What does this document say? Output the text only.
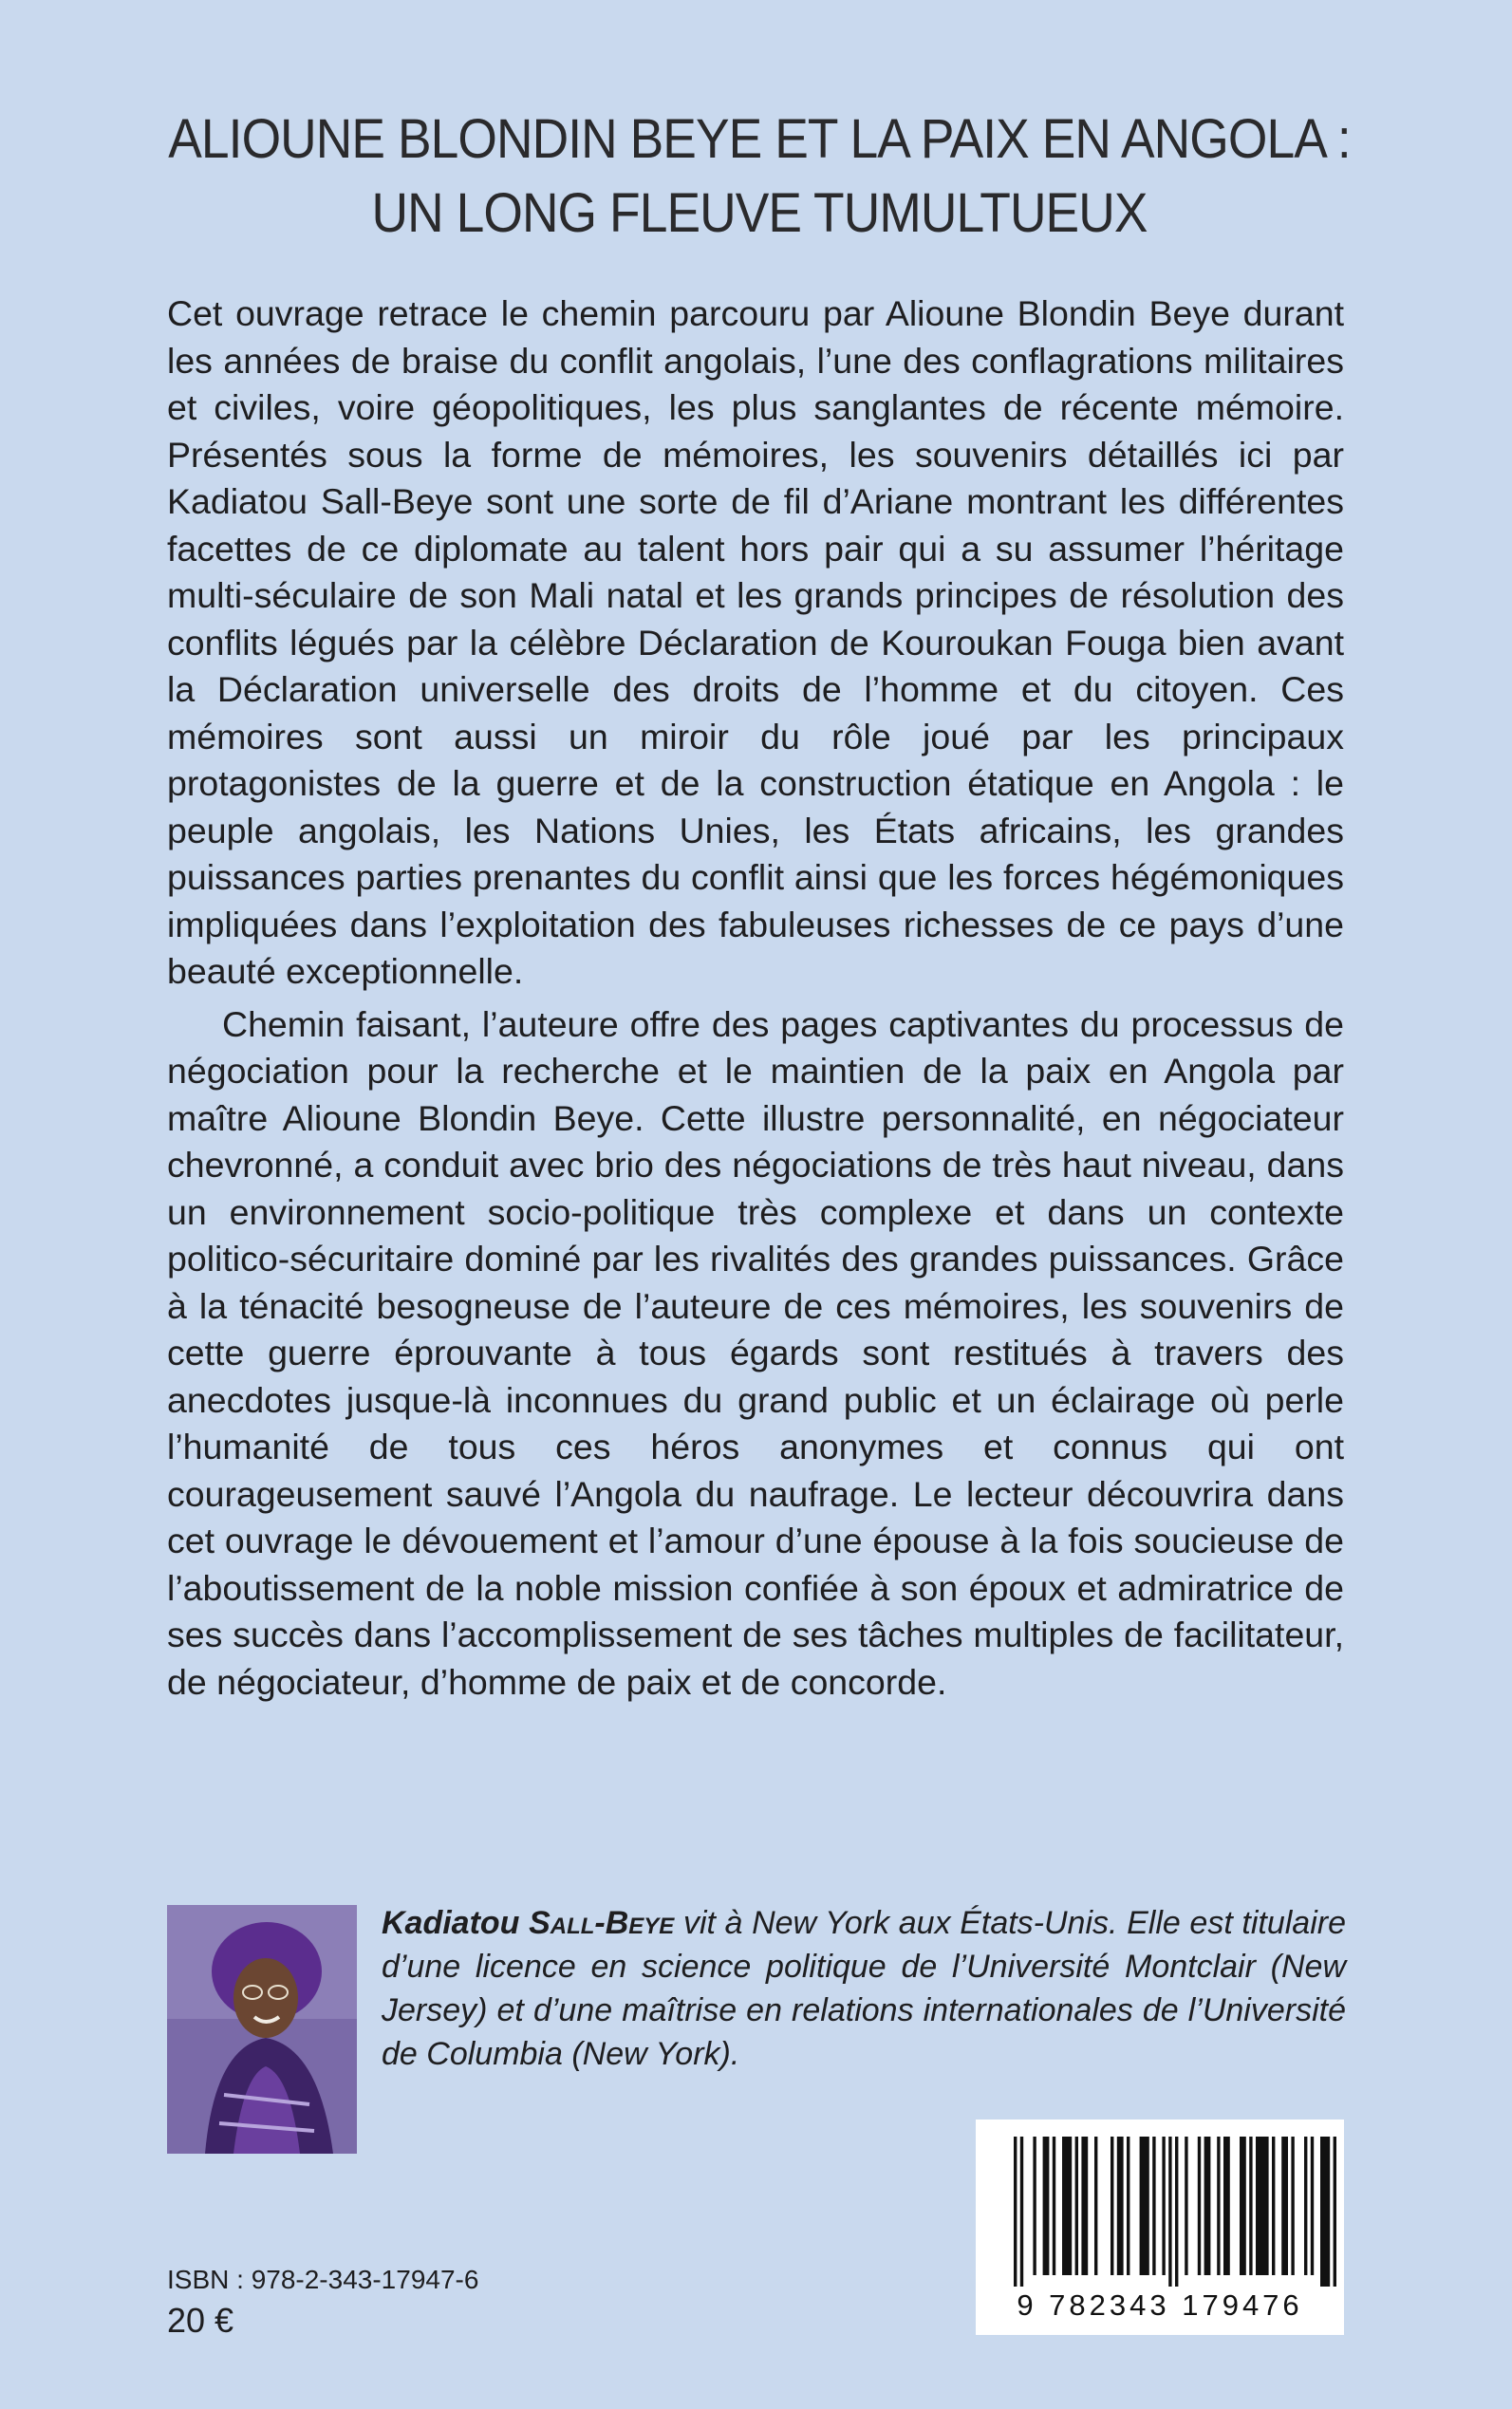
ALIOUNE BLONDIN BEYE ET LA PAIX EN ANGOLA :
UN LONG FLEUVE TUMULTUEUX

Cet ouvrage retrace le chemin parcouru par Alioune Blondin Beye durant les années de braise du conflit angolais, l’une des conflagrations militaires et civiles, voire géopolitiques, les plus sanglantes de récente mémoire. Présentés sous la forme de mémoires, les souvenirs détaillés ici par Kadiatou Sall-Beye sont une sorte de fil d’Ariane montrant les différentes facettes de ce diplomate au talent hors pair qui a su assumer l’héritage multi-séculaire de son Mali natal et les grands principes de résolution des conflits légués par la célèbre Déclaration de Kouroukan Fouga bien avant la Déclaration universelle des droits de l’homme et du citoyen. Ces mémoires sont aussi un miroir du rôle joué par les principaux protagonistes de la guerre et de la construction étatique en Angola : le peuple angolais, les Nations Unies, les États africains, les grandes puissances parties prenantes du conflit ainsi que les forces hégémoniques impliquées dans l’exploitation des fabuleuses richesses de ce pays d’une beauté exceptionnelle.

Chemin faisant, l’auteure offre des pages captivantes du processus de négociation pour la recherche et le maintien de la paix en Angola par maître Alioune Blondin Beye. Cette illustre personnalité, en négociateur chevronné, a conduit avec brio des négociations de très haut niveau, dans un environnement socio-politique très complexe et dans un contexte politico-sécuritaire dominé par les rivalités des grandes puissances. Grâce à la ténacité besogneuse de l’auteure de ces mémoires, les souvenirs de cette guerre éprouvante à tous égards sont restitués à travers des anecdotes jusque-là inconnues du grand public et un éclairage où perle l’humanité de tous ces héros anonymes et connus qui ont courageusement sauvé l’Angola du naufrage. Le lecteur découvrira dans cet ouvrage le dévouement et l’amour d’une épouse à la fois soucieuse de l’aboutissement de la noble mission confiée à son époux et admiratrice de ses succès dans l’accomplissement de ses tâches multiples de facilitateur, de négociateur, d’homme de paix et de concorde.

Kadiatou Sall-Beye vit à New York aux États-Unis. Elle est titulaire d’une licence en science politique de l’Université Montclair (New Jersey) et d’une maîtrise en relations internationales de l’Université de Columbia (New York).
9 782343 179476
ISBN : 978-2-343-17947-6
20 €
